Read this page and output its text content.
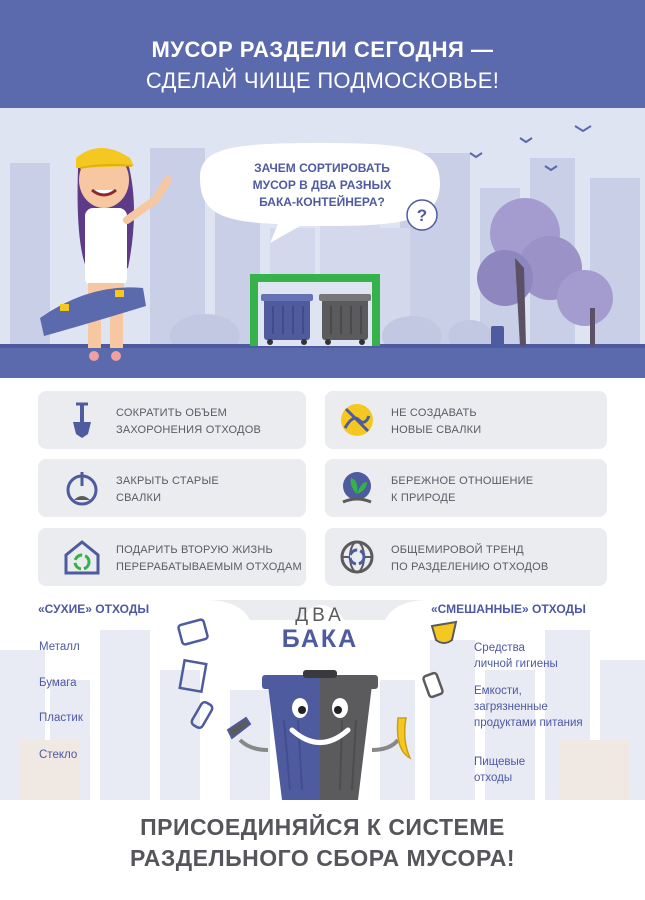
МУСОР РАЗДЕЛИ СЕГОДНЯ —
СДЕЛАЙ ЧИЩЕ ПОДМОСКОВЬЕ!
?
ЗАЧЕМ СОРТИРОВАТЬ
МУСОР В ДВА РАЗНЫХ
БАКА-КОНТЕЙНЕРА?
СОКРАТИТЬ ОБЪЕМ
ЗАХОРОНЕНИЯ ОТХОДОВ
НЕ СОЗДАВАТЬ
НОВЫЕ СВАЛКИ
ЗАКРЫТЬ СТАРЫЕ
СВАЛКИ
БЕРЕЖНОЕ ОТНОШЕНИЕ
К ПРИРОДЕ
ПОДАРИТЬ ВТОРУЮ ЖИЗНЬ
ПЕРЕРАБАТЫВАЕМЫМ ОТХОДАМ
ОБЩЕМИРОВОЙ ТРЕНД
ПО РАЗДЕЛЕНИЮ ОТХОДОВ
ДВА
БАКА
«СУХИЕ» ОТХОДЫ
Металл
Бумага
Пластик
Стекло
«СМЕШАННЫЕ» ОТХОДЫ
Средства
личной гигиены
Емкости,
загрязненные
продуктами питания
Пищевые
отходы
ПРИСОЕДИНЯЙСЯ К СИСТЕМЕ
РАЗДЕЛЬНОГО СБОРА МУСОРА!
